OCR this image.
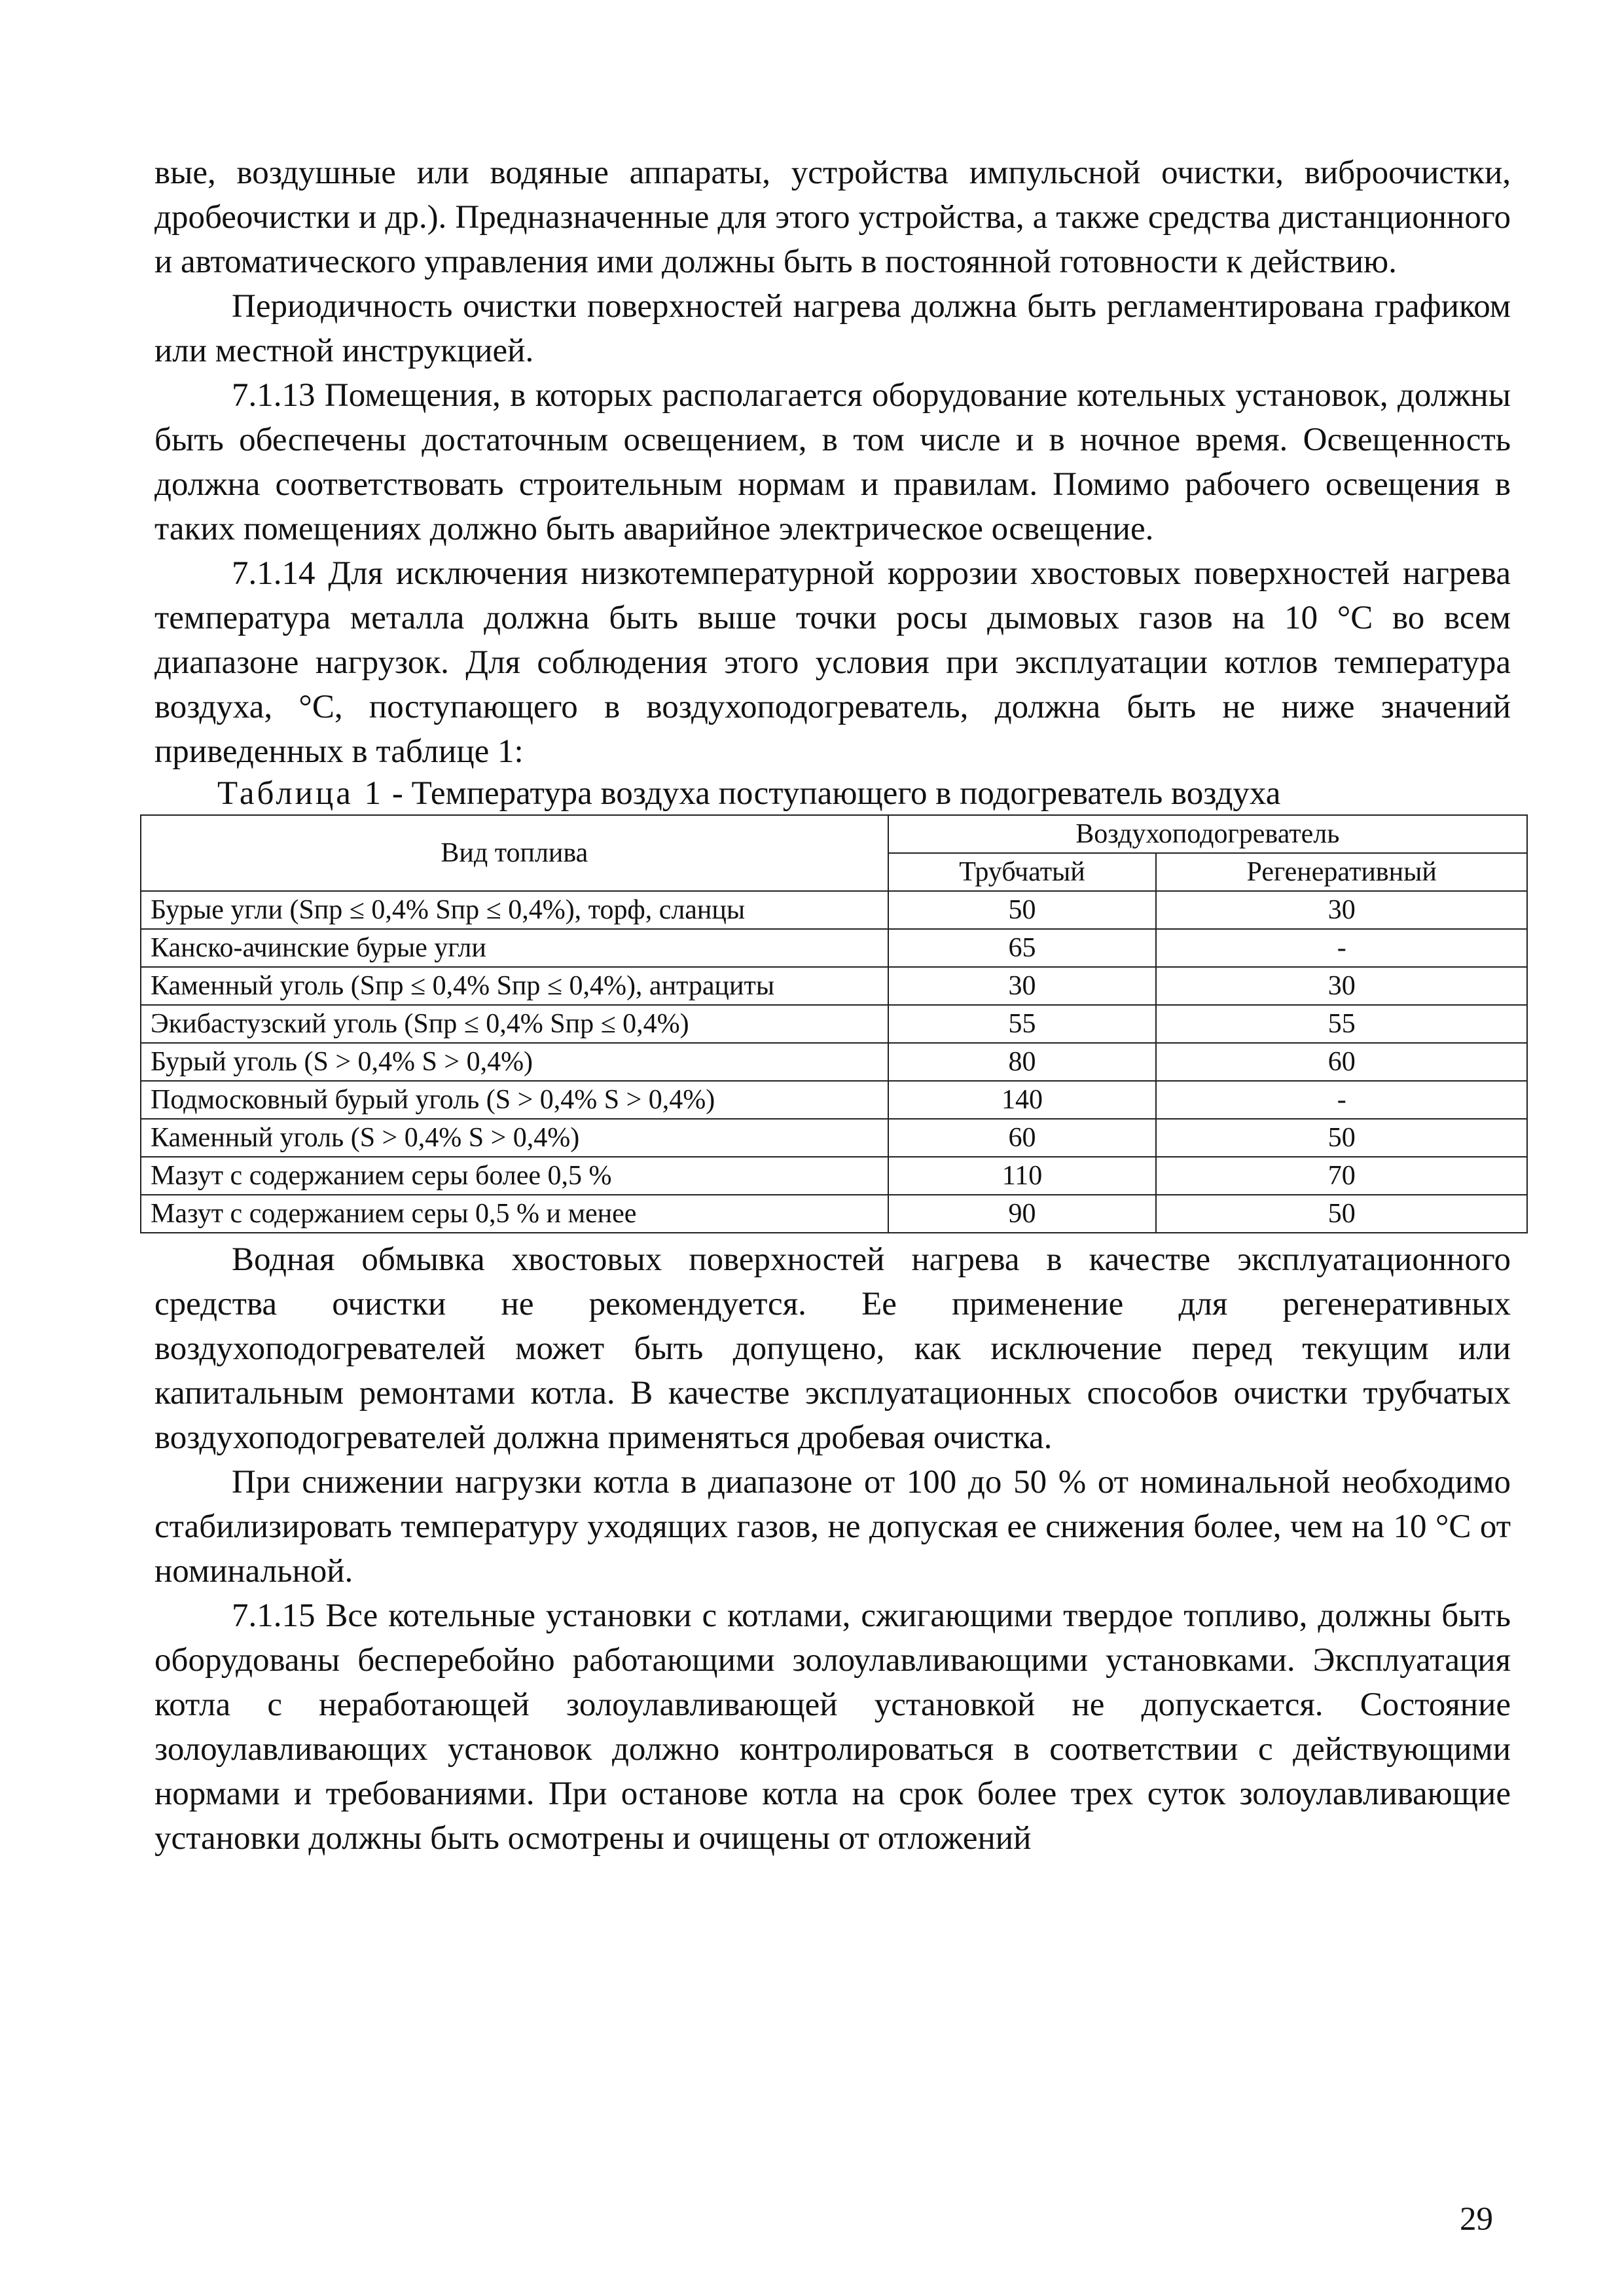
вые, воздушные или водяные аппараты, устройства импульсной очистки, виброочистки, дробеочистки и др.). Предназначенные для этого устройства, а также средства дистанционного и автоматического управления ими должны быть в постоянной готовности к действию.

Периодичность очистки поверхностей нагрева должна быть регламентирована графиком или местной инструкцией.

7.1.13 Помещения, в которых располагается оборудование котельных установок, должны быть обеспечены достаточным освещением, в том числе и в ночное время. Освещенность должна соответствовать строительным нормам и правилам. Помимо рабочего освещения в таких помещениях должно быть аварийное электрическое освещение.

7.1.14 Для исключения низкотемпературной коррозии хвостовых поверхностей нагрева температура металла должна быть выше точки росы дымовых газов на 10 °С во всем диапазоне нагрузок. Для соблюдения этого условия при эксплуатации котлов температура воздуха, °С, поступающего в воздухоподогреватель, должна быть не ниже значений приведенных в таблице 1:

Таблица 1 - Температура воздуха поступающего в подогреватель воздуха

Вид топлива	Воздухоподогреватель	
	Трубчатый	Регенеративный
Бурые угли (Sпр ≤ 0,4% Sпр ≤ 0,4%), торф, сланцы	50	30
Канско-ачинские бурые угли	65	-
Каменный уголь (Sпр ≤ 0,4% Sпр ≤ 0,4%), антрациты	30	30
Экибастузский уголь (Sпр ≤ 0,4% Sпр ≤ 0,4%)	55	55
Бурый уголь (S > 0,4% S > 0,4%)	80	60
Подмосковный бурый уголь (S > 0,4% S > 0,4%)	140	-
Каменный уголь (S > 0,4% S > 0,4%)	60	50
Мазут с содержанием серы более 0,5 %	110	70
Мазут с содержанием серы 0,5 % и менее	90	50

Водная обмывка хвостовых поверхностей нагрева в качестве эксплуатационного средства очистки не рекомендуется. Ее применение для регенеративных воздухоподогревателей может быть допущено, как исключение перед текущим или капитальным ремонтами котла. В качестве эксплуатационных способов очистки трубчатых воздухоподогревателей должна применяться дробевая очистка.

При снижении нагрузки котла в диапазоне от 100 до 50 % от номинальной необходимо стабилизировать температуру уходящих газов, не допуская ее снижения более, чем на 10 °С от номинальной.

7.1.15 Все котельные установки с котлами, сжигающими твердое топливо, должны быть оборудованы бесперебойно работающими золоулавливающими установками. Эксплуатация котла с неработающей золоулавливающей установкой не допускается. Состояние золоулавливающих установок должно контролироваться в соответствии с действующими нормами и требованиями. При останове котла на срок более трех суток золоулавливающие установки должны быть осмотрены и очищены от отложений

29
